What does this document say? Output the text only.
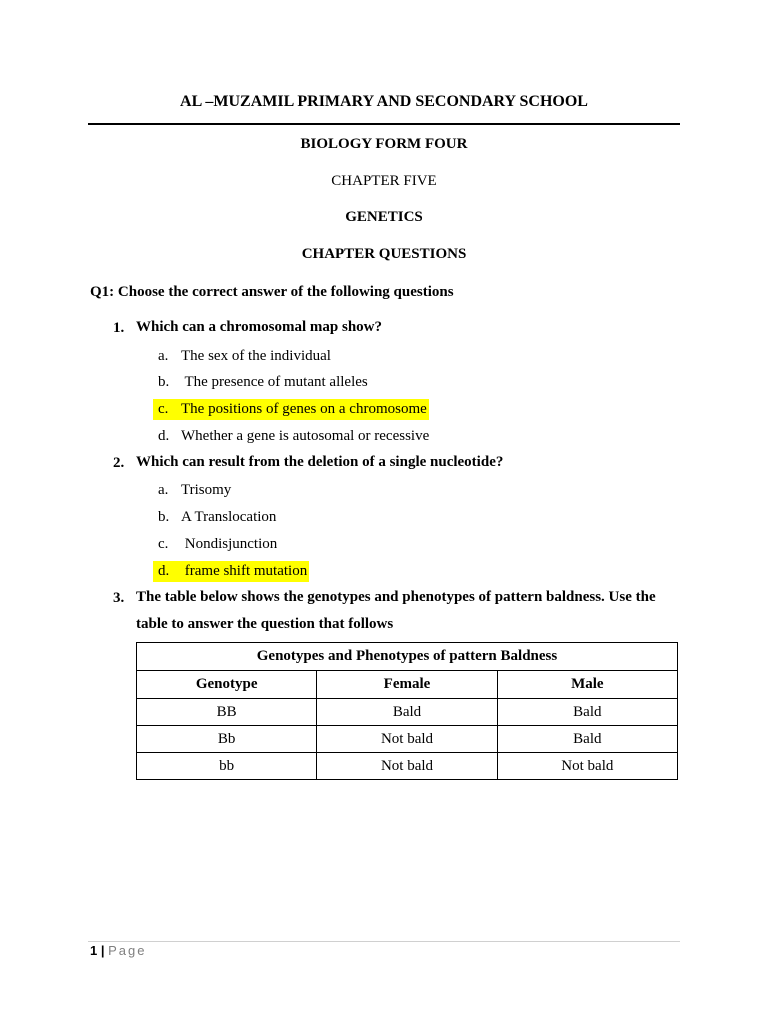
AL –MUZAMIL PRIMARY AND SECONDARY SCHOOL
BIOLOGY FORM FOUR
CHAPTER FIVE
GENETICS
CHAPTER QUESTIONS
Q1: Choose the correct answer of the following questions
1. Which can a chromosomal map show?
a. The sex of the individual
b. The presence of mutant alleles
c. The positions of genes on a chromosome
d. Whether a gene is autosomal or recessive
2. Which can result from the deletion of a single nucleotide?
a. Trisomy
b. A Translocation
c. Nondisjunction
d. frame shift mutation
3. The table below shows the genotypes and phenotypes of pattern baldness. Use the table to answer the question that follows
Genotypes and Phenotypes of pattern Baldness		
Genotype	Female	Male
BB	Bald	Bald
Bb	Not bald	Bald
bb	Not bald	Not bald
1 | Page
